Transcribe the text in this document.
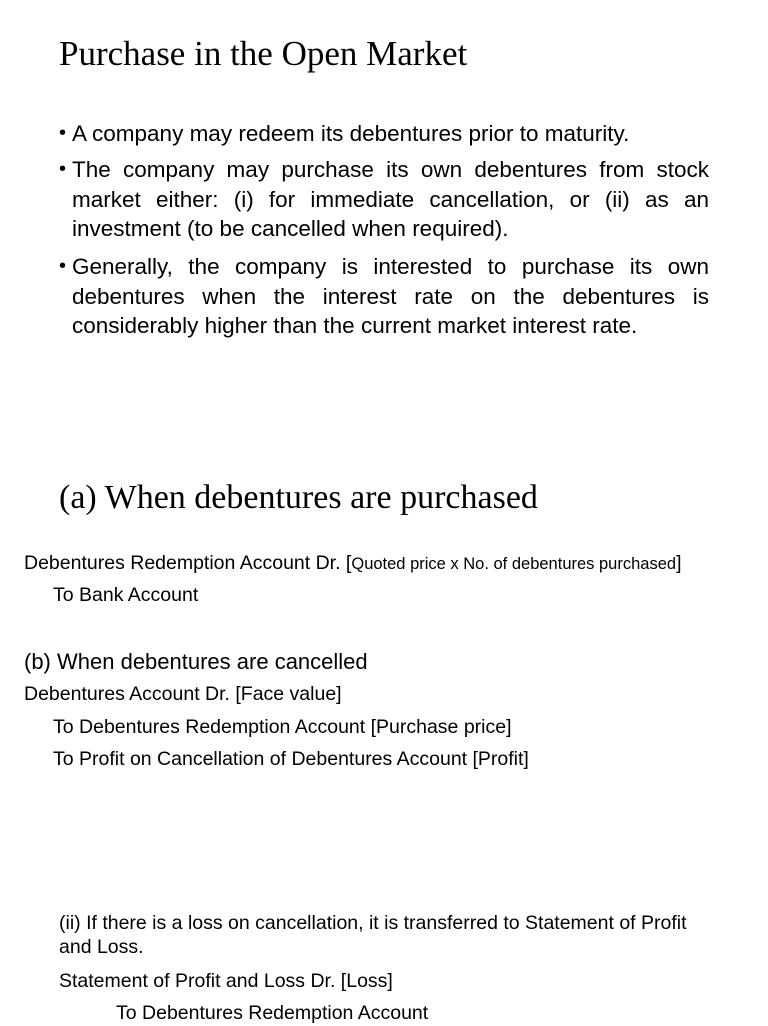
Purchase in the Open Market
• A company may redeem its debentures prior to maturity.
• The company may purchase its own debentures from stock market either: (i) for immediate cancellation, or (ii) as an investment (to be cancelled when required).
• Generally, the company is interested to purchase its own debentures when the interest rate on the debentures is considerably higher than the current market interest rate.
(a) When debentures are purchased
Debentures Redemption Account Dr. [Quoted price x No. of debentures purchased]
To Bank Account
(b) When debentures are cancelled
Debentures Account Dr. [Face value]
To Debentures Redemption Account [Purchase price]
To Profit on Cancellation of Debentures Account [Profit]
(ii) If there is a loss on cancellation, it is transferred to Statement of Profit and Loss.
Statement of Profit and Loss Dr. [Loss]
To Debentures Redemption Account
